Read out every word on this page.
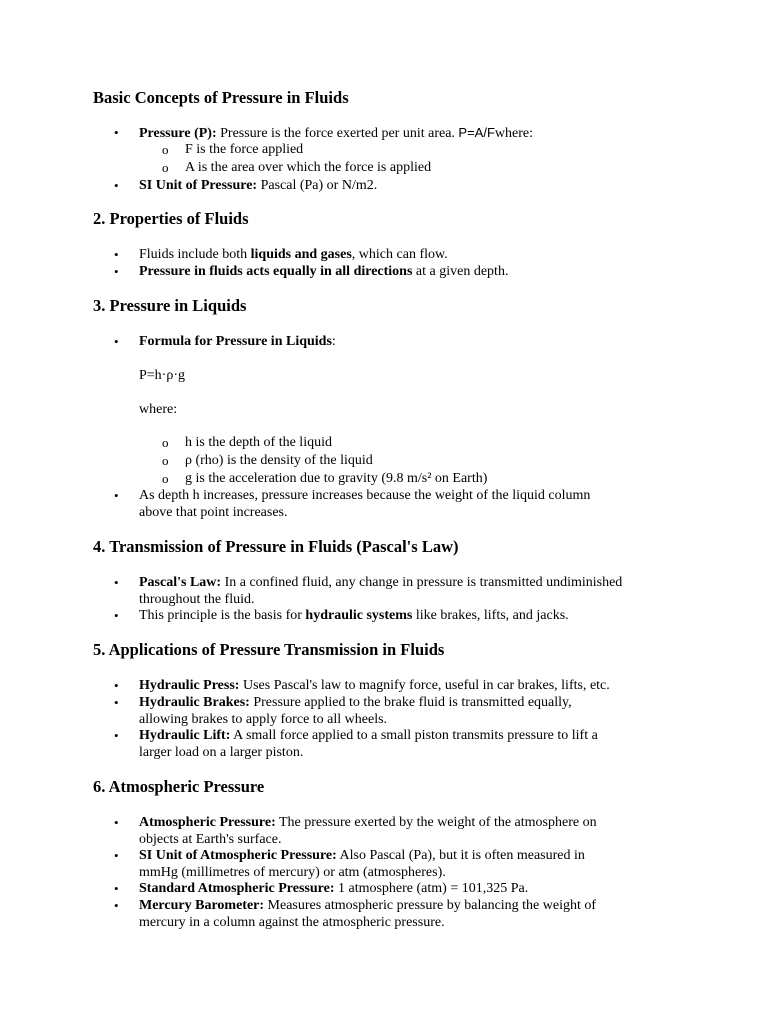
Basic Concepts of Pressure in Fluids

• Pressure (P): Pressure is the force exerted per unit area. P=A/Fwhere:

o F is the force applied

o A is the area over which the force is applied

• SI Unit of Pressure: Pascal (Pa) or N/m2.

2. Properties of Fluids

• Fluids include both liquids and gases, which can flow.

• Pressure in fluids acts equally in all directions at a given depth.

3. Pressure in Liquids

• Formula for Pressure in Liquids:

P=h·ρ·g

where:

o h is the depth of the liquid

o ρ (rho) is the density of the liquid

o g is the acceleration due to gravity (9.8 m/s² on Earth)

• As depth h increases, pressure increases because the weight of the liquid column
above that point increases.

4. Transmission of Pressure in Fluids (Pascal's Law)

• Pascal's Law: In a confined fluid, any change in pressure is transmitted undiminished
throughout the fluid.

• This principle is the basis for hydraulic systems like brakes, lifts, and jacks.

5. Applications of Pressure Transmission in Fluids

• Hydraulic Press: Uses Pascal's law to magnify force, useful in car brakes, lifts, etc.

• Hydraulic Brakes: Pressure applied to the brake fluid is transmitted equally,
allowing brakes to apply force to all wheels.

• Hydraulic Lift: A small force applied to a small piston transmits pressure to lift a
larger load on a larger piston.

6. Atmospheric Pressure

• Atmospheric Pressure: The pressure exerted by the weight of the atmosphere on
objects at Earth's surface.

• SI Unit of Atmospheric Pressure: Also Pascal (Pa), but it is often measured in
mmHg (millimetres of mercury) or atm (atmospheres).

• Standard Atmospheric Pressure: 1 atmosphere (atm) = 101,325 Pa.

• Mercury Barometer: Measures atmospheric pressure by balancing the weight of
mercury in a column against the atmospheric pressure.
